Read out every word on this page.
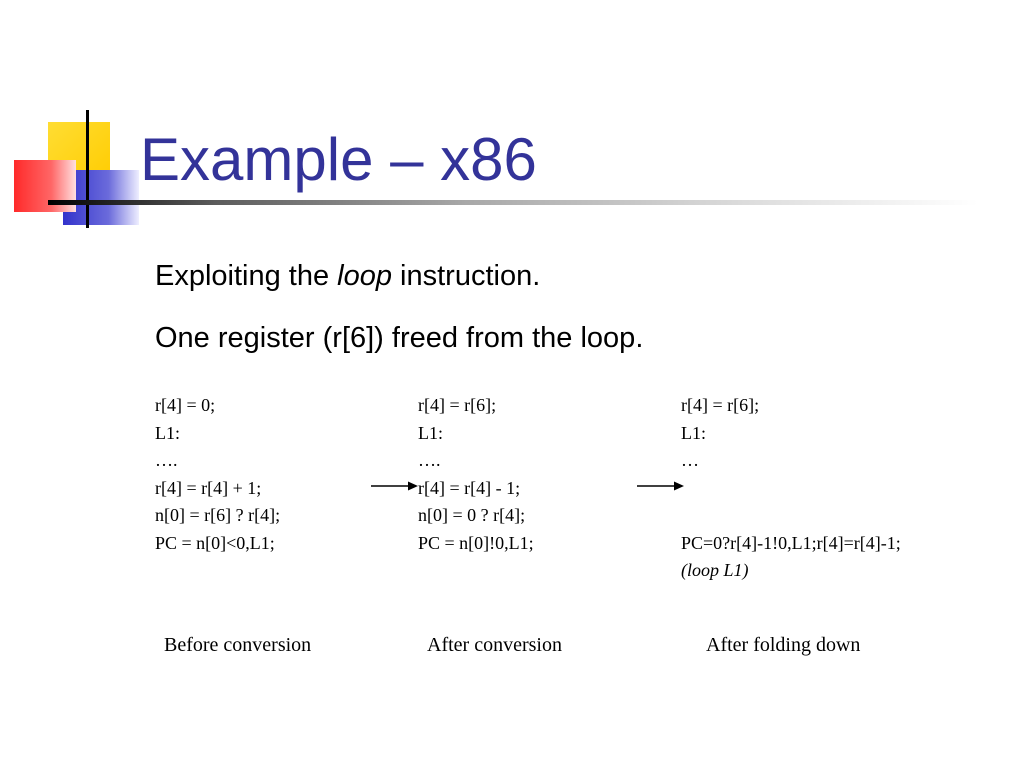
Example – x86

Exploiting the loop instruction.

One register (r[6]) freed from the loop.

r[4] = 0;
L1:
….
r[4] = r[4] + 1;
n[0] = r[6] ? r[4];
PC = n[0]<0,L1;
r[4] = r[6];
L1:
….
r[4] = r[4] - 1;
n[0] = 0 ? r[4];
PC = n[0]!0,L1;
r[4] = r[6];
L1:
…
PC=0?r[4]-1!0,L1;r[4]=r[4]-1;
(loop L1)
Before conversion	After conversion	After folding down
